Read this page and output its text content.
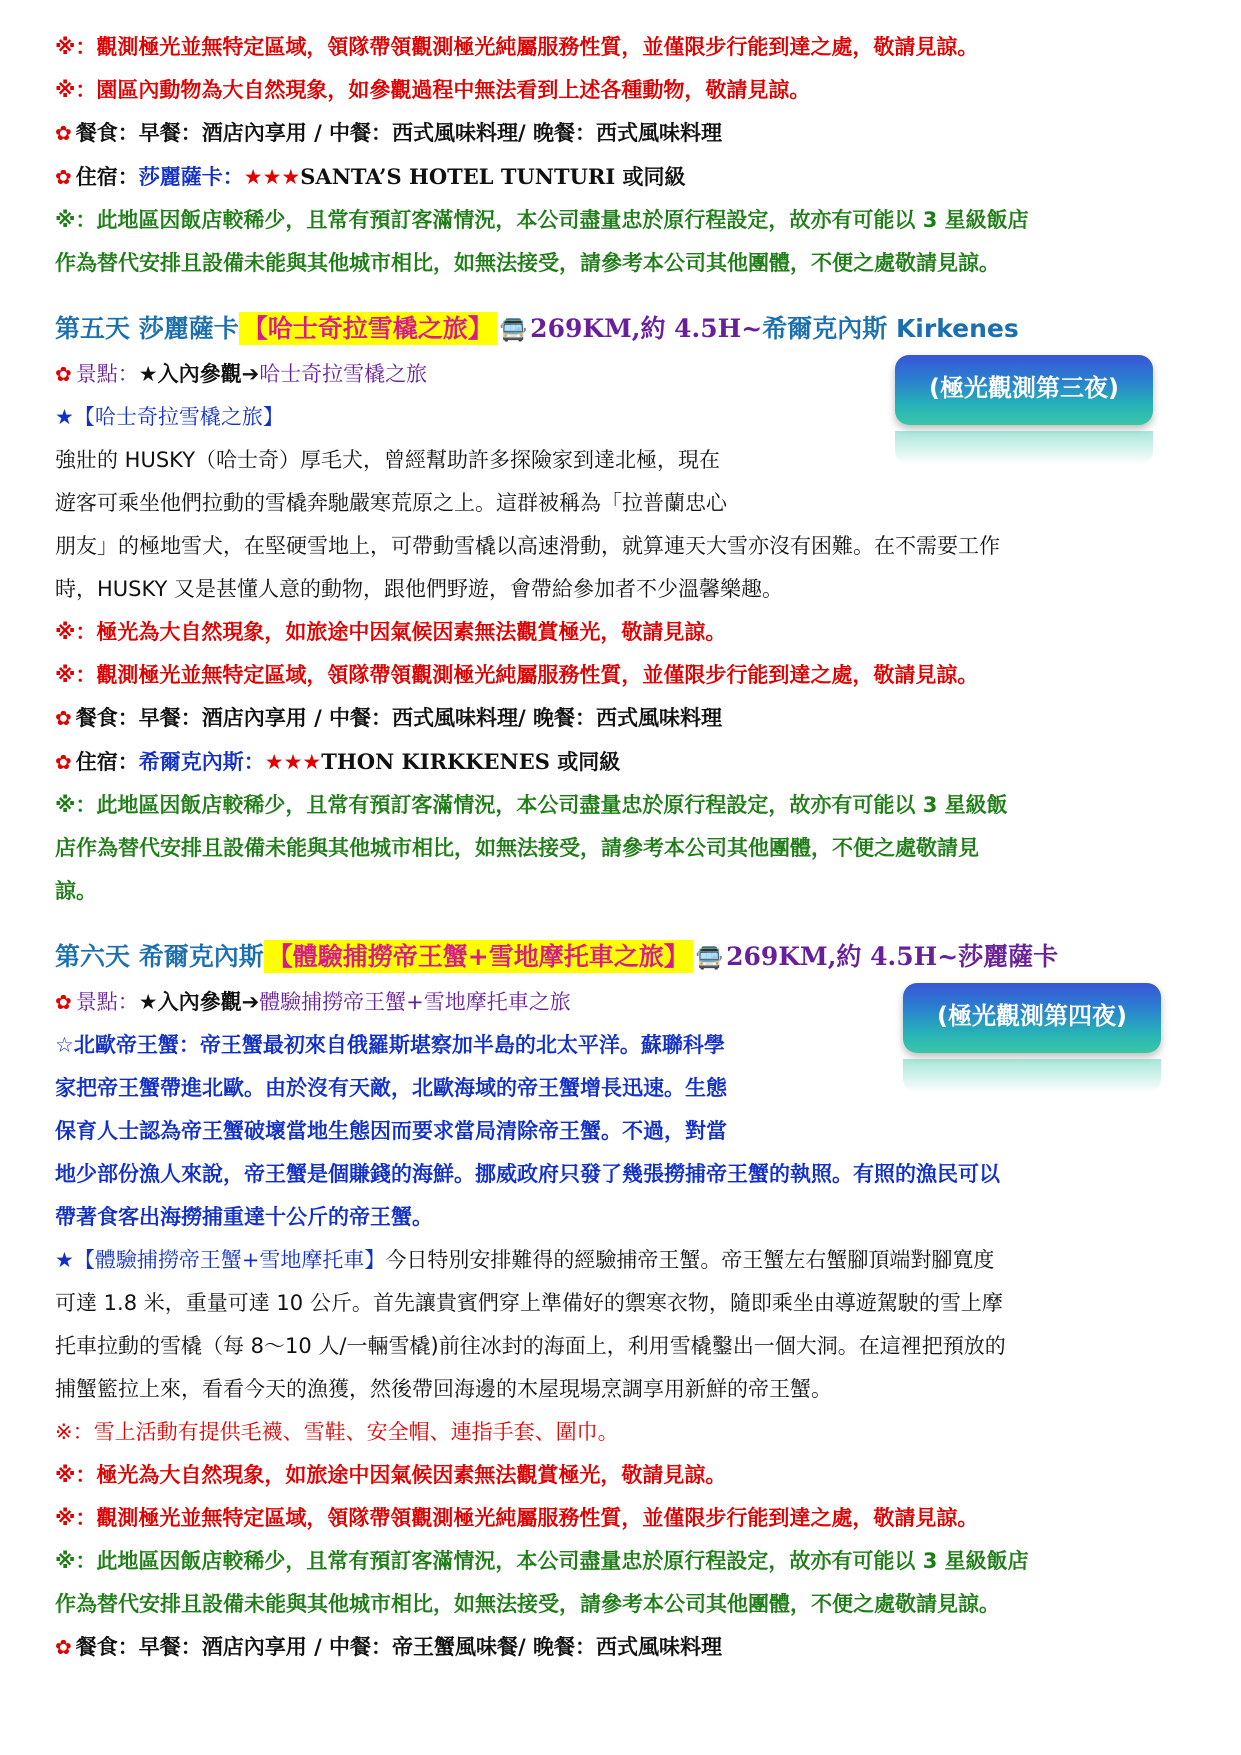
※：觀測極光並無特定區域，領隊帶領觀測極光純屬服務性質，並僅限步行能到達之處，敬請見諒。
※：園區內動物為大自然現象，如參觀過程中無法看到上述各種動物，敬請見諒。
✿ 餐食：早餐：酒店內享用 / 中餐：西式風味料理/ 晚餐：西式風味料理
✿ 住宿：莎麗薩卡：★★★SANTA’S HOTEL TUNTURI 或同級
※：此地區因飯店較稀少，且常有預訂客滿情況，本公司盡量忠於原行程設定，故亦有可能以 3 星級飯店
作為替代安排且設備未能與其他城市相比，如無法接受，請參考本公司其他團體，不便之處敬請見諒。
第五天 莎麗薩卡 【哈士奇拉雪橇之旅】 🚍 269KM,約 4.5H~希爾克內斯 Kirkenes
(極光觀測第三夜)
✿ 景點：★入內參觀➔哈士奇拉雪橇之旅
★【哈士奇拉雪橇之旅】
強壯的 HUSKY（哈士奇）厚毛犬，曾經幫助許多探險家到達北極，現在
遊客可乘坐他們拉動的雪橇奔馳嚴寒荒原之上。這群被稱為「拉普蘭忠心
朋友」的極地雪犬，在堅硬雪地上，可帶動雪橇以高速滑動，就算連天大雪亦沒有困難。在不需要工作
時，HUSKY 又是甚懂人意的動物，跟他們野遊，會帶給參加者不少溫馨樂趣。
※：極光為大自然現象，如旅途中因氣候因素無法觀賞極光，敬請見諒。
※：觀測極光並無特定區域，領隊帶領觀測極光純屬服務性質，並僅限步行能到達之處，敬請見諒。
✿ 餐食：早餐：酒店內享用 / 中餐：西式風味料理/ 晚餐：西式風味料理
✿ 住宿：希爾克內斯：★★★THON KIRKKENES 或同級
※：此地區因飯店較稀少，且常有預訂客滿情況，本公司盡量忠於原行程設定，故亦有可能以 3 星級飯
店作為替代安排且設備未能與其他城市相比，如無法接受，請參考本公司其他團體，不便之處敬請見
諒。
第六天 希爾克內斯 【體驗捕撈帝王蟹+雪地摩托車之旅】 🚍 269KM,約 4.5H~莎麗薩卡
(極光觀測第四夜)
✿ 景點：★入內參觀➔體驗捕撈帝王蟹+雪地摩托車之旅
☆北歐帝王蟹：帝王蟹最初來自俄羅斯堪察加半島的北太平洋。蘇聯科學
家把帝王蟹帶進北歐。由於沒有天敵，北歐海域的帝王蟹增長迅速。生態
保育人士認為帝王蟹破壞當地生態因而要求當局清除帝王蟹。不過，對當
地少部份漁人來說，帝王蟹是個賺錢的海鮮。挪威政府只發了幾張撈捕帝王蟹的執照。有照的漁民可以
帶著食客出海撈捕重達十公斤的帝王蟹。
★【體驗捕撈帝王蟹+雪地摩托車】今日特別安排難得的經驗捕帝王蟹。帝王蟹左右蟹腳頂端對腳寬度
可達 1.8 米，重量可達 10 公斤。首先讓貴賓們穿上準備好的禦寒衣物，隨即乘坐由導遊駕駛的雪上摩
托車拉動的雪橇（每 8～10 人/一輛雪橇)前往冰封的海面上，利用雪橇鑿出一個大洞。在這裡把預放的
捕蟹籃拉上來，看看今天的漁獲，然後帶回海邊的木屋現場烹調享用新鮮的帝王蟹。
※：雪上活動有提供毛襪、雪鞋、安全帽、連指手套、圍巾。
※：極光為大自然現象，如旅途中因氣候因素無法觀賞極光，敬請見諒。
※：觀測極光並無特定區域，領隊帶領觀測極光純屬服務性質，並僅限步行能到達之處，敬請見諒。
※：此地區因飯店較稀少，且常有預訂客滿情況，本公司盡量忠於原行程設定，故亦有可能以 3 星級飯店
作為替代安排且設備未能與其他城市相比，如無法接受，請參考本公司其他團體，不便之處敬請見諒。
✿ 餐食：早餐：酒店內享用 / 中餐：帝王蟹風味餐/ 晚餐：西式風味料理
